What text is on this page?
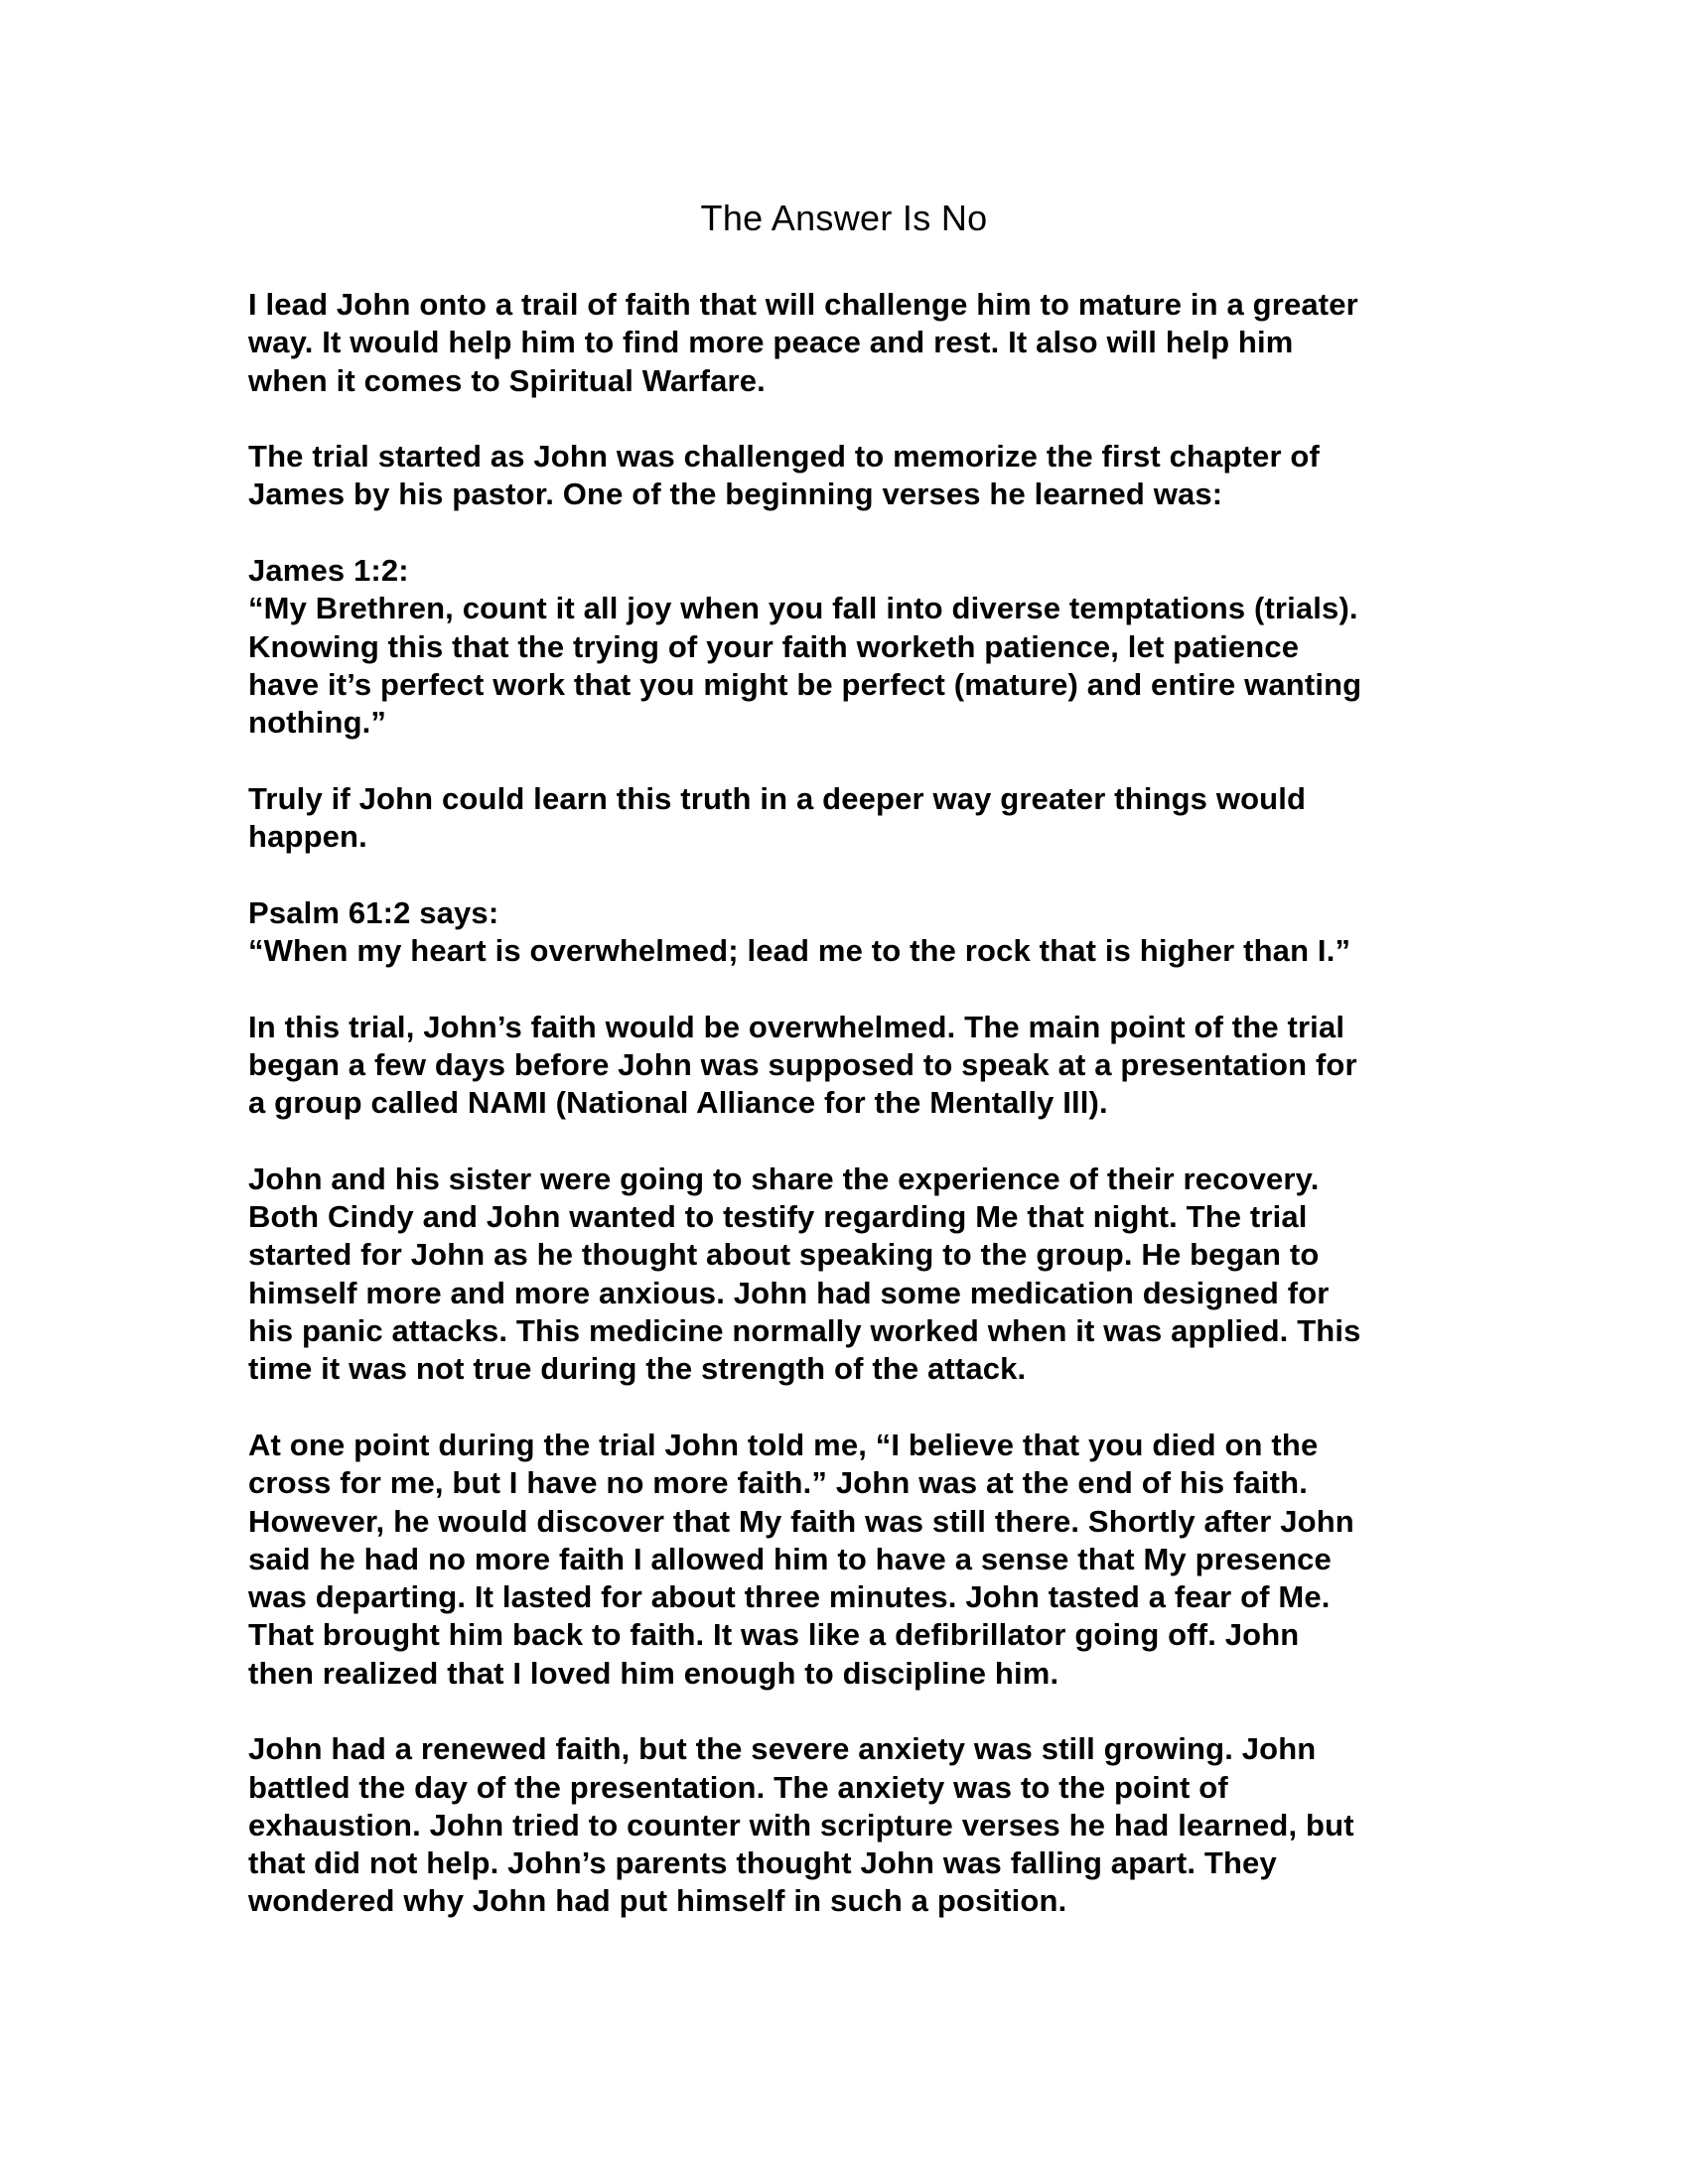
The Answer Is No

I lead John onto a trail of faith that will challenge him to mature in a greater
way. It would help him to find more peace and rest. It also will help him
when it comes to Spiritual Warfare.

The trial started as John was challenged to memorize the first chapter of
James by his pastor. One of the beginning verses he learned was:

James 1:2:
“My Brethren, count it all joy when you fall into diverse temptations (trials).
Knowing this that the trying of your faith worketh patience, let patience
have it’s perfect work that you might be perfect (mature) and entire wanting
nothing.”

Truly if John could learn this truth in a deeper way greater things would
happen.

Psalm 61:2 says:
“When my heart is overwhelmed; lead me to the rock that is higher than I.”

In this trial, John’s faith would be overwhelmed. The main point of the trial
began a few days before John was supposed to speak at a presentation for
a group called NAMI (National Alliance for the Mentally Ill).

John and his sister were going to share the experience of their recovery.
Both Cindy and John wanted to testify regarding Me that night. The trial
started for John as he thought about speaking to the group. He began to
himself more and more anxious. John had some medication designed for
his panic attacks. This medicine normally worked when it was applied. This
time it was not true during the strength of the attack.

At one point during the trial John told me, “I believe that you died on the
cross for me, but I have no more faith.” John was at the end of his faith.
However, he would discover that My faith was still there. Shortly after John
said he had no more faith I allowed him to have a sense that My presence
was departing. It lasted for about three minutes. John tasted a fear of Me.
That brought him back to faith. It was like a defibrillator going off. John
then realized that I loved him enough to discipline him.

John had a renewed faith, but the severe anxiety was still growing. John
battled the day of the presentation. The anxiety was to the point of
exhaustion. John tried to counter with scripture verses he had learned, but
that did not help. John’s parents thought John was falling apart. They
wondered why John had put himself in such a position.
